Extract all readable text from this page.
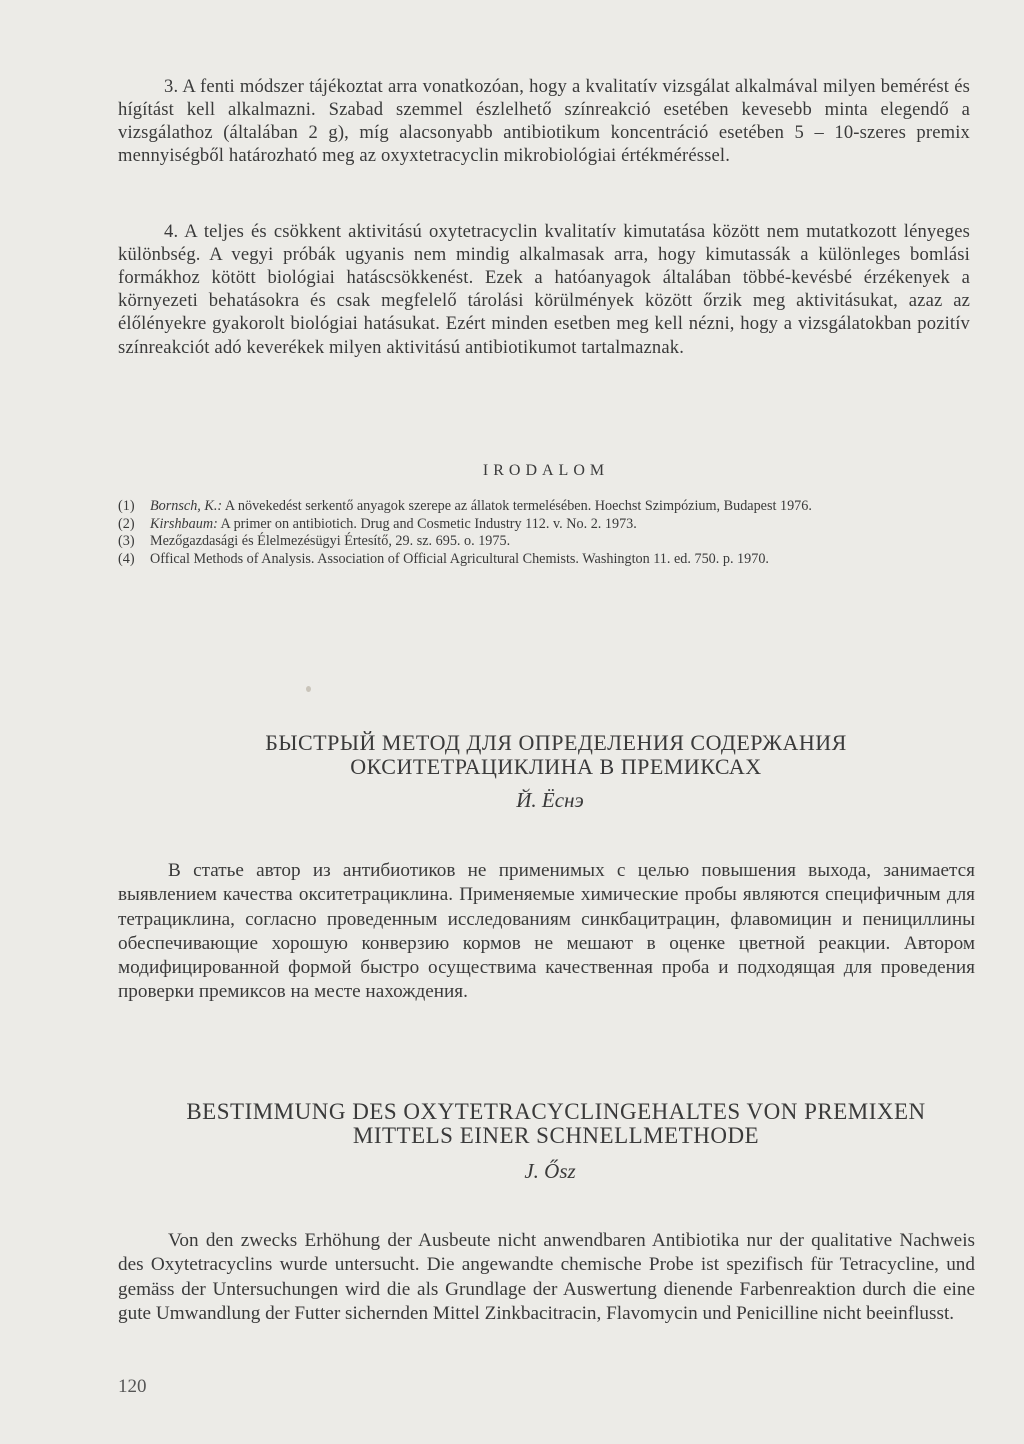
3. A fenti módszer tájékoztat arra vonatkozóan, hogy a kvalitatív vizsgálat alkalmával milyen bemérést és hígítást kell alkalmazni. Szabad szemmel észlelhető színreakció esetében kevesebb minta elegendő a vizsgálathoz (általában 2 g), míg alacsonyabb antibiotikum koncentráció esetében 5 – 10-szeres premix mennyiségből határozható meg az oxyxtetracyclin mikrobiológiai értékméréssel.

4. A teljes és csökkent aktivitású oxytetracyclin kvalitatív kimutatása között nem mutatkozott lényeges különbség. A vegyi próbák ugyanis nem mindig alkalmasak arra, hogy kimutassák a különleges bomlási formákhoz kötött biológiai hatáscsökkenést. Ezek a hatóanyagok általában többé-kevésbé érzékenyek a környezeti behatásokra és csak megfelelő tárolási körülmények között őrzik meg aktivitásukat, azaz az élőlényekre gyakorolt biológiai hatásukat. Ezért minden esetben meg kell nézni, hogy a vizsgálatokban pozitív színreakciót adó keverékek milyen aktivitású antibiotikumot tartalmaznak.

IRODALOM
(1) Bornsch, K.: A növekedést serkentő anyagok szerepe az állatok termelésében. Hoechst Szimpózium, Budapest 1976.
(2) Kirshbaum: A primer on antibiotich. Drug and Cosmetic Industry 112. v. No. 2. 1973.
(3) Mezőgazdasági és Élelmezésügyi Értesítő, 29. sz. 695. o. 1975.
(4) Offical Methods of Analysis. Association of Official Agricultural Chemists. Washington 11. ed. 750. p. 1970.
БЫСТРЫЙ МЕТОД ДЛЯ ОПРЕДЕЛЕНИЯ СОДЕРЖАНИЯ
ОКСИТЕТРАЦИКЛИНА В ПРЕМИКСАХ
Й. Ёснэ

В статье автор из антибиотиков не применимых с целью повышения выхода, занимается выявлением качества окситетрациклина. Применяемые химические пробы являются специфичным для тетрациклина, согласно проведенным исследованиям синкбацитрацин, флавомицин и пенициллины обеспечивающие хорошую конверзию кормов не мешают в оценке цветной реакции. Автором модифицированной формой быстро осуществима качественная проба и подходящая для проведения проверки премиксов на месте нахождения.

BESTIMMUNG DES OXYTETRACYCLINGEHALTES VON PREMIXEN
MITTELS EINER SCHNELLMETHODE
J. Ősz

Von den zwecks Erhöhung der Ausbeute nicht anwendbaren Antibiotika nur der qualitative Nachweis des Oxytetracyclins wurde untersucht. Die angewandte chemische Probe ist spezifisch für Tetracycline, und gemäss der Untersuchungen wird die als Grundlage der Auswertung dienende Farbenreaktion durch die eine gute Umwandlung der Futter sichernden Mittel Zinkbacitracin, Flavomycin und Penicilline nicht beeinflusst.

120
